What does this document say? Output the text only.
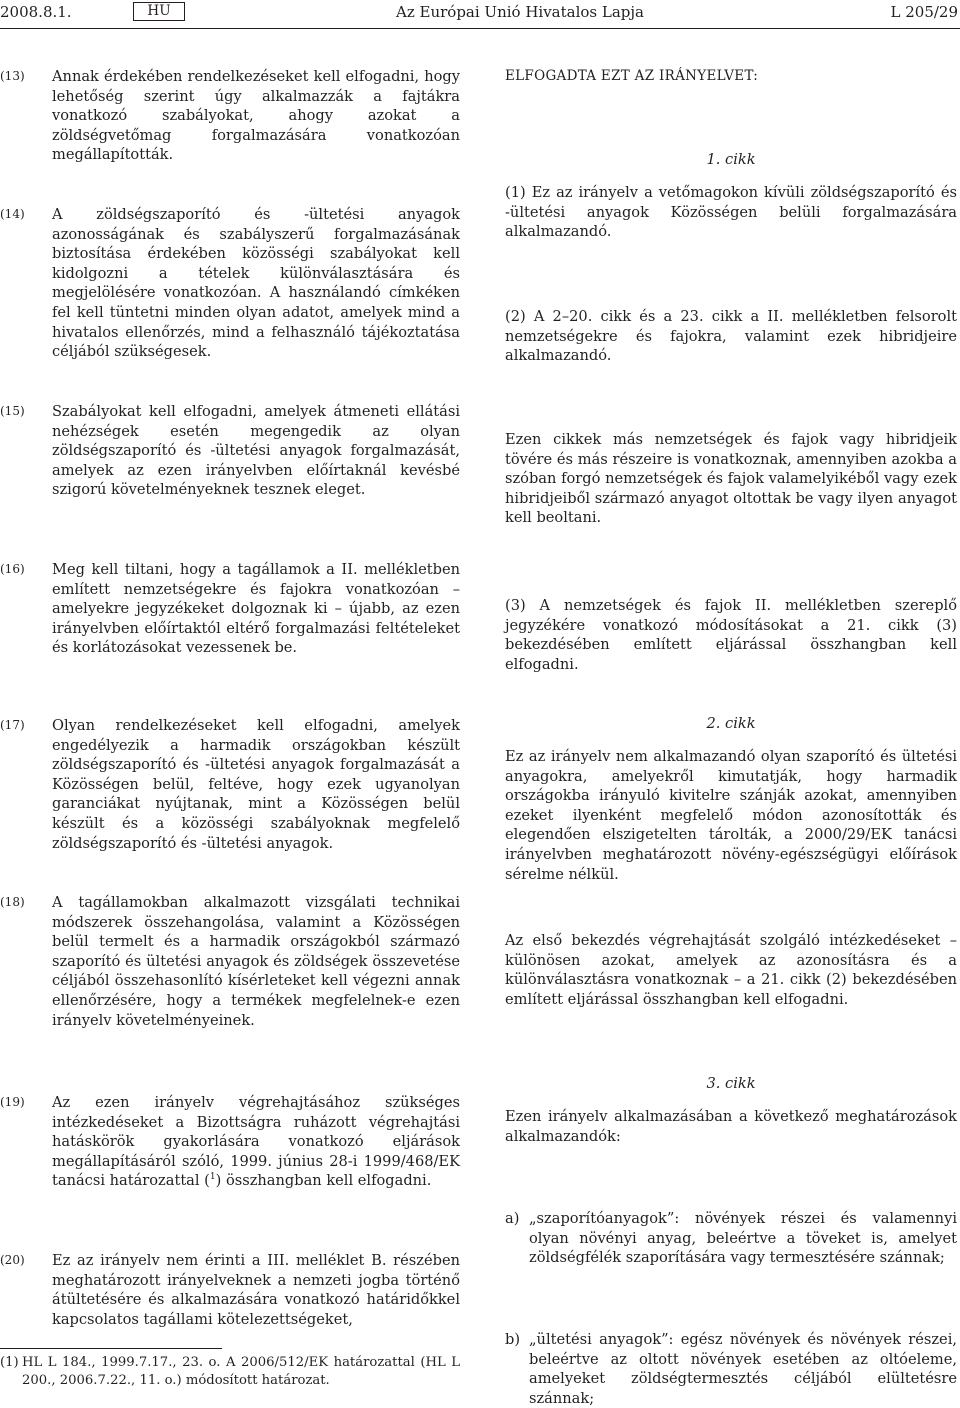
2008.8.1.	HU	Az Európai Unió Hivatalos Lapja	L 205/29
(13) Annak érdekében rendelkezéseket kell elfogadni, hogy lehetőség szerint úgy alkalmazzák a fajtákra vonatkozó szabályokat, ahogy azokat a zöldségvetőmag forgalmazására vonatkozóan megállapították.
(14) A zöldségszaporító és -ültetési anyagok azonosságának és szabályszerű forgalmazásának biztosítása érdekében közösségi szabályokat kell kidolgozni a tételek különválasztására és megjelölésére vonatkozóan. A használandó címkéken fel kell tüntetni minden olyan adatot, amelyek mind a hivatalos ellenőrzés, mind a felhasználó tájékoztatása céljából szükségesek.
(15) Szabályokat kell elfogadni, amelyek átmeneti ellátási nehézségek esetén megengedik az olyan zöldségszaporító és -ültetési anyagok forgalmazását, amelyek az ezen irányelvben előírtaknál kevésbé szigorú követelményeknek tesznek eleget.
(16) Meg kell tiltani, hogy a tagállamok a II. mellékletben említett nemzetségekre és fajokra vonatkozóan – amelyekre jegyzékeket dolgoznak ki – újabb, az ezen irányelvben előírtaktól eltérő forgalmazási feltételeket és korlátozásokat vezessenek be.
(17) Olyan rendelkezéseket kell elfogadni, amelyek engedélyezik a harmadik országokban készült zöldségszaporító és -ültetési anyagok forgalmazását a Közösségen belül, feltéve, hogy ezek ugyanolyan garanciákat nyújtanak, mint a Közösségen belül készült és a közösségi szabályoknak megfelelő zöldségszaporító és -ültetési anyagok.
(18) A tagállamokban alkalmazott vizsgálati technikai módszerek összehangolása, valamint a Közösségen belül termelt és a harmadik országokból származó szaporító és ültetési anyagok és zöldségek összevetése céljából összehasonlító kísérleteket kell végezni annak ellenőrzésére, hogy a termékek megfelelnek-e ezen irányelv követelményeinek.
(19) Az ezen irányelv végrehajtásához szükséges intézkedéseket a Bizottságra ruházott végrehajtási hatáskörök gyakorlására vonatkozó eljárások megállapításáról szóló, 1999. június 28-i 1999/468/EK tanácsi határozattal ($^1$) összhangban kell elfogadni.
(20) Ez az irányelv nem érinti a III. melléklet B. részében meghatározott irányelveknek a nemzeti jogba történő átültetésére és alkalmazására vonatkozó határidőkkel kapcsolatos tagállami kötelezettségeket,
(1) HL L 184., 1999.7.17., 23. o. A 2006/512/EK határozattal (HL L 200., 2006.7.22., 11. o.) módosított határozat.
ELFOGADTA EZT AZ IRÁNYELVET:
1. cikk
(1) Ez az irányelv a vetőmagokon kívüli zöldségszaporító és -ültetési anyagok Közösségen belüli forgalmazására alkalmazandó.
(2) A 2–20. cikk és a 23. cikk a II. mellékletben felsorolt nemzetségekre és fajokra, valamint ezek hibridjeire alkalmazandó.
Ezen cikkek más nemzetségek és fajok vagy hibridjeik tövére és más részeire is vonatkoznak, amennyiben azokba a szóban forgó nemzetségek és fajok valamelyikéből vagy ezek hibridjeiből származó anyagot oltottak be vagy ilyen anyagot kell beoltani.
(3) A nemzetségek és fajok II. mellékletben szereplő jegyzékére vonatkozó módosításokat a 21. cikk (3) bekezdésében említett eljárással összhangban kell elfogadni.
2. cikk
Ez az irányelv nem alkalmazandó olyan szaporító és ültetési anyagokra, amelyekről kimutatják, hogy harmadik országokba irányuló kivitelre szánják azokat, amennyiben ezeket ilyenként megfelelő módon azonosították és elegendően elszigetelten tárolták, a 2000/29/EK tanácsi irányelvben meghatározott növény-egészségügyi előírások sérelme nélkül.
Az első bekezdés végrehajtását szolgáló intézkedéseket – különösen azokat, amelyek az azonosításra és a különválasztásra vonatkoznak – a 21. cikk (2) bekezdésében említett eljárással összhangban kell elfogadni.
3. cikk
Ezen irányelv alkalmazásában a következő meghatározások alkalmazandók:
a) „szaporítóanyagok”: növények részei és valamennyi olyan növényi anyag, beleértve a töveket is, amelyet zöldségfélék szaporítására vagy termesztésére szánnak;
b) „ültetési anyagok”: egész növények és növények részei, beleértve az oltott növények esetében az oltóeleme, amelyeket zöldségtermesztés céljából elültetésre szánnak;
